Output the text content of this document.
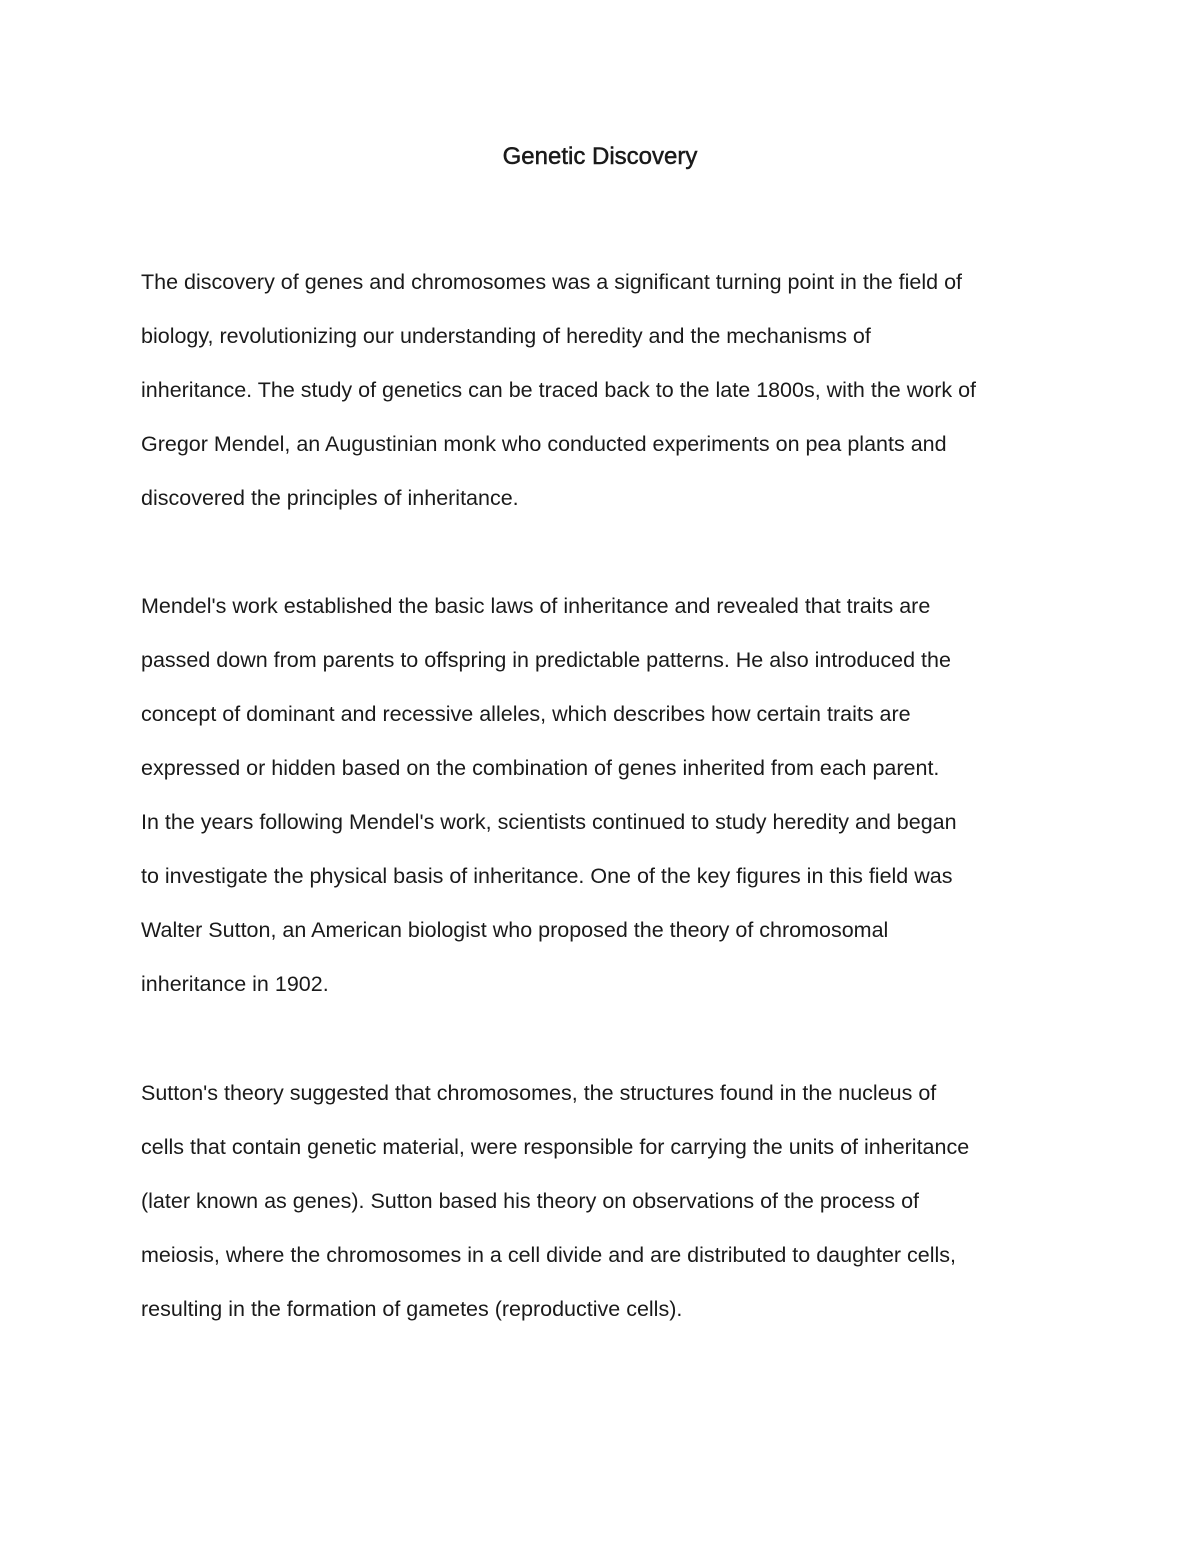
Genetic Discovery

The discovery of genes and chromosomes was a significant turning point in the field of

biology, revolutionizing our understanding of heredity and the mechanisms of

inheritance. The study of genetics can be traced back to the late 1800s, with the work of

Gregor Mendel, an Augustinian monk who conducted experiments on pea plants and

discovered the principles of inheritance.

Mendel's work established the basic laws of inheritance and revealed that traits are

passed down from parents to offspring in predictable patterns. He also introduced the

concept of dominant and recessive alleles, which describes how certain traits are

expressed or hidden based on the combination of genes inherited from each parent.

In the years following Mendel's work, scientists continued to study heredity and began

to investigate the physical basis of inheritance. One of the key figures in this field was

Walter Sutton, an American biologist who proposed the theory of chromosomal

inheritance in 1902.

Sutton's theory suggested that chromosomes, the structures found in the nucleus of

cells that contain genetic material, were responsible for carrying the units of inheritance

(later known as genes). Sutton based his theory on observations of the process of

meiosis, where the chromosomes in a cell divide and are distributed to daughter cells,

resulting in the formation of gametes (reproductive cells).
